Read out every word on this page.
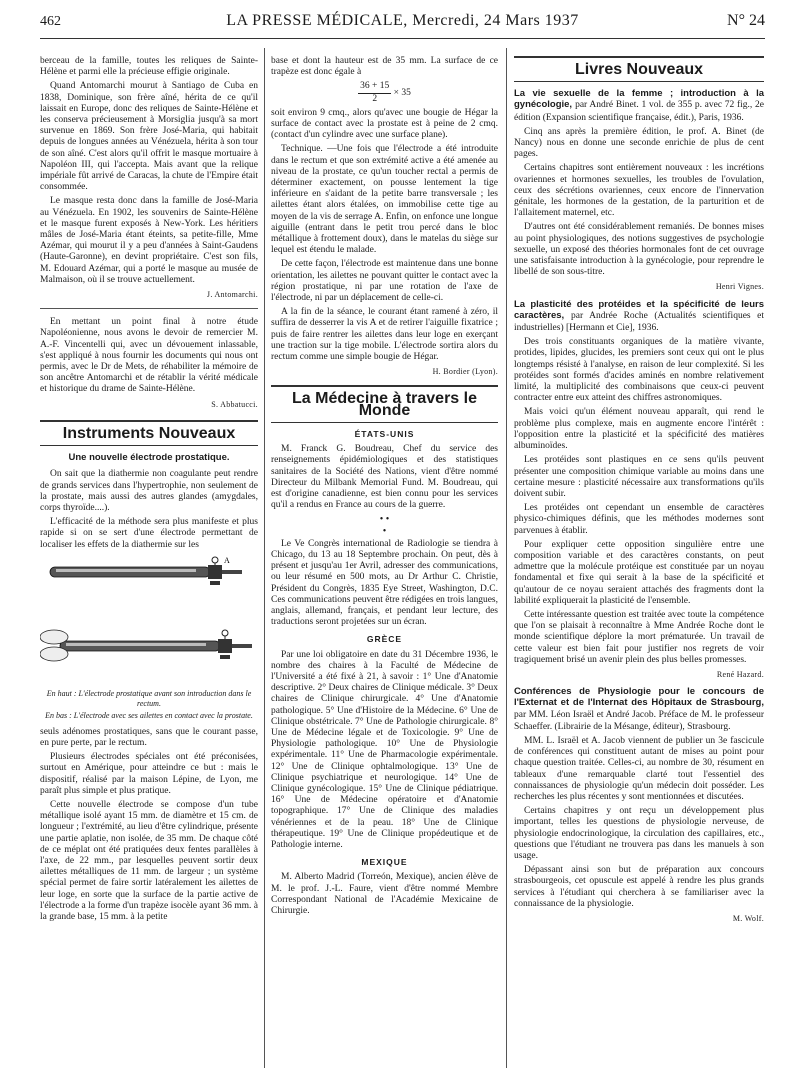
462	LA PRESSE MÉDICALE, Mercredi, 24 Mars 1937	N° 24

berceau de la famille, toutes les reliques de Sainte-Hélène et parmi elle la précieuse effigie originale.

Quand Antomarchi mourut à Santiago de Cuba en 1838, Dominique, son frère aîné, hérita de ce qu'il laissait en Europe, donc des reliques de Sainte-Hélène et les conserva précieusement à Morsiglia jusqu'à sa mort survenue en 1869. Son frère José-Maria, qui habitait depuis de longues années au Vénézuela, hérita à son tour de son aîné. C'est alors qu'il offrit le masque mortuaire à Napoléon III, qui l'accepta. Mais avant que la relique impériale fût arrivé de Caracas, la chute de l'Empire était consommée.

Le masque resta donc dans la famille de José-Maria au Vénézuela. En 1902, les souvenirs de Sainte-Hélène et le masque furent exposés à New-York. Les héritiers mâles de José-Maria étant éteints, sa petite-fille, Mme Azémar, qui mourut il y a peu d'années à Saint-Gaudens (Haute-Garonne), en devint propriétaire. C'est son fils, M. Edouard Azémar, qui a porté le masque au musée de Malmaison, où il se trouve actuellement.

J. Antomarchi.

En mettant un point final à notre étude Napoléonienne, nous avons le devoir de remercier M. A.-F. Vincentelli qui, avec un dévouement inlassable, s'est appliqué à nous fournir les documents qui nous ont permis, avec le Dr de Mets, de réhabiliter la mémoire de son ancêtre Antomarchi et de rétablir la vérité médicale et historique du drame de Sainte-Hélène.

S. Abbatucci.
Instruments Nouveaux
Une nouvelle électrode prostatique.

On sait que la diathermie non coagulante peut rendre de grands services dans l'hypertrophie, non seulement de la prostate, mais aussi des autres glandes (amygdales, corps thyroïde....).

L'efficacité de la méthode sera plus manifeste et plus rapide si on se sert d'une électrode permettant de localiser les effets de la diathermie sur les

A
En haut : L'électrode prostatique avant son introduction dans le rectum.
En bas : L'électrode avec ses ailettes en contact avec la prostate.

seuls adénomes prostatiques, sans que le courant passe, en pure perte, par le rectum.

Plusieurs électrodes spéciales ont été préconisées, surtout en Amérique, pour atteindre ce but : mais le dispositif, réalisé par la maison Lépine, de Lyon, me paraît plus simple et plus pratique.

Cette nouvelle électrode se compose d'un tube métallique isolé ayant 15 mm. de diamètre et 15 cm. de longueur ; l'extrémité, au lieu d'être cylindrique, présente une partie aplatie, non isolée, de 35 mm. De chaque côté de ce méplat ont été pratiquées deux fentes parallèles à l'axe, de 22 mm., par lesquelles peuvent sortir deux ailettes métalliques de 11 mm. de largeur ; un système spécial permet de faire sortir latéralement les ailettes de leur loge, en sorte que la surface de la partie active de l'électrode a la forme d'un trapèze isocèle ayant 36 mm. à la grande base, 15 mm. à la petite

base et dont la hauteur est de 35 mm. La surface de ce trapèze est donc égale à

$\frac{36 + 15}{2} \times 35$

soit environ 9 cmq., alors qu'avec une bougie de Hégar la surface de contact avec la prostate est à peine de 2 cmq. (contact d'un cylindre avec une surface plane).

Technique. —Une fois que l'électrode a été introduite dans le rectum et que son extrémité active a été amenée au niveau de la prostate, ce qu'un toucher rectal a permis de déterminer exactement, on pousse lentement la tige inférieure en s'aidant de la petite barre transversale ; les ailettes étant alors étalées, on immobilise cette tige au moyen de la vis de serrage A. Enfin, on enfonce une longue aiguille (entrant dans le petit trou percé dans le bloc métallique à frottement doux), dans le matelas du siège sur lequel est étendu le malade.

De cette façon, l'électrode est maintenue dans une bonne orientation, les ailettes ne pouvant quitter le contact avec la région prostatique, ni par une rotation de l'axe de l'électrode, ni par un déplacement de celle-ci.

A la fin de la séance, le courant étant ramené à zéro, il suffira de desserrer la vis A et de retirer l'aiguille fixatrice ; puis de faire rentrer les ailettes dans leur loge en exerçant une traction sur la tige mobile. L'électrode sortira alors du rectum comme une simple bougie de Hégar.

H. Bordier (Lyon).
La Médecine à travers le Monde
ÉTATS-UNIS

M. Franck G. Boudreau, Chef du service des renseignements épidémiologiques et des statistiques sanitaires de la Société des Nations, vient d'être nommé Directeur du Milbank Memorial Fund. M. Boudreau, qui est d'origine canadienne, est bien connu pour les services qu'il a rendus en France au cours de la guerre.

• •
•

Le Ve Congrès international de Radiologie se tiendra à Chicago, du 13 au 18 Septembre prochain. On peut, dès à présent et jusqu'au 1er Avril, adresser des communications, ou leur résumé en 500 mots, au Dr Arthur C. Christie, Président du Congrès, 1835 Eye Street, Washington, D.C. Ces communications peuvent être rédigées en trois langues, anglais, allemand, français, et pendant leur lecture, des traductions seront projetées sur un écran.

GRÈCE

Par une loi obligatoire en date du 31 Décembre 1936, le nombre des chaires à la Faculté de Médecine de l'Université a été fixé à 21, à savoir : 1° Une d'Anatomie descriptive. 2° Deux chaires de Clinique médicale. 3° Deux chaires de Clinique chirurgicale. 4° Une d'Anatomie pathologique. 5° Une d'Histoire de la Médecine. 6° Une de Clinique obstétricale. 7° Une de Pathologie chirurgicale. 8° Une de Médecine légale et de Toxicologie. 9° Une de Physiologie pathologique. 10° Une de Physiologie expérimentale. 11° Une de Pharmacologie expérimentale. 12° Une de Clinique ophtalmologique. 13° Une de Clinique psychiatrique et neurologique. 14° Une de Clinique gynécologique. 15° Une de Clinique pédiatrique. 16° Une de Médecine opératoire et d'Anatomie topographique. 17° Une de Clinique des maladies vénériennes et de la peau. 18° Une de Clinique thérapeutique. 19° Une de Clinique propédeutique et de Pathologie interne.

MEXIQUE

M. Alberto Madrid (Torreón, Mexique), ancien élève de M. le prof. J.-L. Faure, vient d'être nommé Membre Correspondant National de l'Académie Mexicaine de Chirurgie.

Livres Nouveaux

La vie sexuelle de la femme ; introduction à la gynécologie, par André Binet. 1 vol. de 355 p. avec 72 fig., 2e édition (Expansion scientifique française, édit.), Paris, 1936.

Cinq ans après la première édition, le prof. A. Binet (de Nancy) nous en donne une seconde enrichie de plus de cent pages.

Certains chapitres sont entièrement nouveaux : les incrétions ovariennes et hormones sexuelles, les troubles de l'ovulation, ceux des sécrétions ovariennes, ceux encore de l'innervation génitale, les hormones de la gestation, de la parturition et de l'allaitement maternel, etc.

D'autres ont été considérablement remaniés. De bonnes mises au point physiologiques, des notions suggestives de psychologie sexuelle, un exposé des théories hormonales font de cet ouvrage une satisfaisante introduction à la gynécologie, pour reprendre le libellé de son sous-titre.

Henri Vignes.

La plasticité des protéides et la spécificité de leurs caractères, par Andrée Roche (Actualités scientifiques et industrielles) [Hermann et Cie], 1936.

Des trois constituants organiques de la matière vivante, protides, lipides, glucides, les premiers sont ceux qui ont le plus longtemps résisté à l'analyse, en raison de leur complexité. Si les protéides sont formés d'acides aminés en nombre relativement limité, la multiplicité des combinaisons que ceux-ci peuvent contracter entre eux atteint des chiffres astronomiques.

Mais voici qu'un élément nouveau apparaît, qui rend le problème plus complexe, mais en augmente encore l'intérêt : l'opposition entre la plasticité et la spécificité des matières albuminoïdes.

Les protéides sont plastiques en ce sens qu'ils peuvent présenter une composition chimique variable au moins dans une certaine mesure : plasticité nécessaire aux transformations qu'ils doivent subir.

Les protéides ont cependant un ensemble de caractères physico-chimiques définis, que les méthodes modernes sont parvenues à établir.

Pour expliquer cette opposition singulière entre une composition variable et des caractères constants, on peut admettre que la molécule protéique est constituée par un noyau fondamental et fixe qui serait à la base de la spécificité et qu'autour de ce noyau seraient attachés des fragments dont la labilité expliquerait la plasticité de l'ensemble.

Cette intéressante question est traitée avec toute la compétence que l'on se plaisait à reconnaître à Mme Andrée Roche dont le monde scientifique déplore la mort prématurée. Un travail de cette valeur est bien fait pour justifier nos regrets de voir tragiquement brisé un avenir plein des plus belles promesses.

René Hazard.

Conférences de Physiologie pour le concours de l'Externat et de l'Internat des Hôpitaux de Strasbourg, par MM. Léon Israël et André Jacob. Préface de M. le professeur Schaeffer. (Librairie de la Mésange, éditeur), Strasbourg.

MM. L. Israël et A. Jacob viennent de publier un 3e fascicule de conférences qui constituent autant de mises au point pour chaque question traitée. Celles-ci, au nombre de 30, résument en tableaux d'une remarquable clarté tout l'essentiel des connaissances de physiologie qu'un médecin doit posséder. Les recherches les plus récentes y sont mentionnées et discutées.

Certains chapitres y ont reçu un développement plus important, telles les questions de physiologie nerveuse, de physiologie endocrinologique, la circulation des capillaires, etc., questions que l'étudiant ne trouvera pas dans les manuels à son usage.

Dépassant ainsi son but de préparation aux concours strasbourgeois, cet opuscule est appelé à rendre les plus grands services à l'étudiant qui cherchera à se familiariser avec la connaissance de la physiologie.

M. Wolf.
